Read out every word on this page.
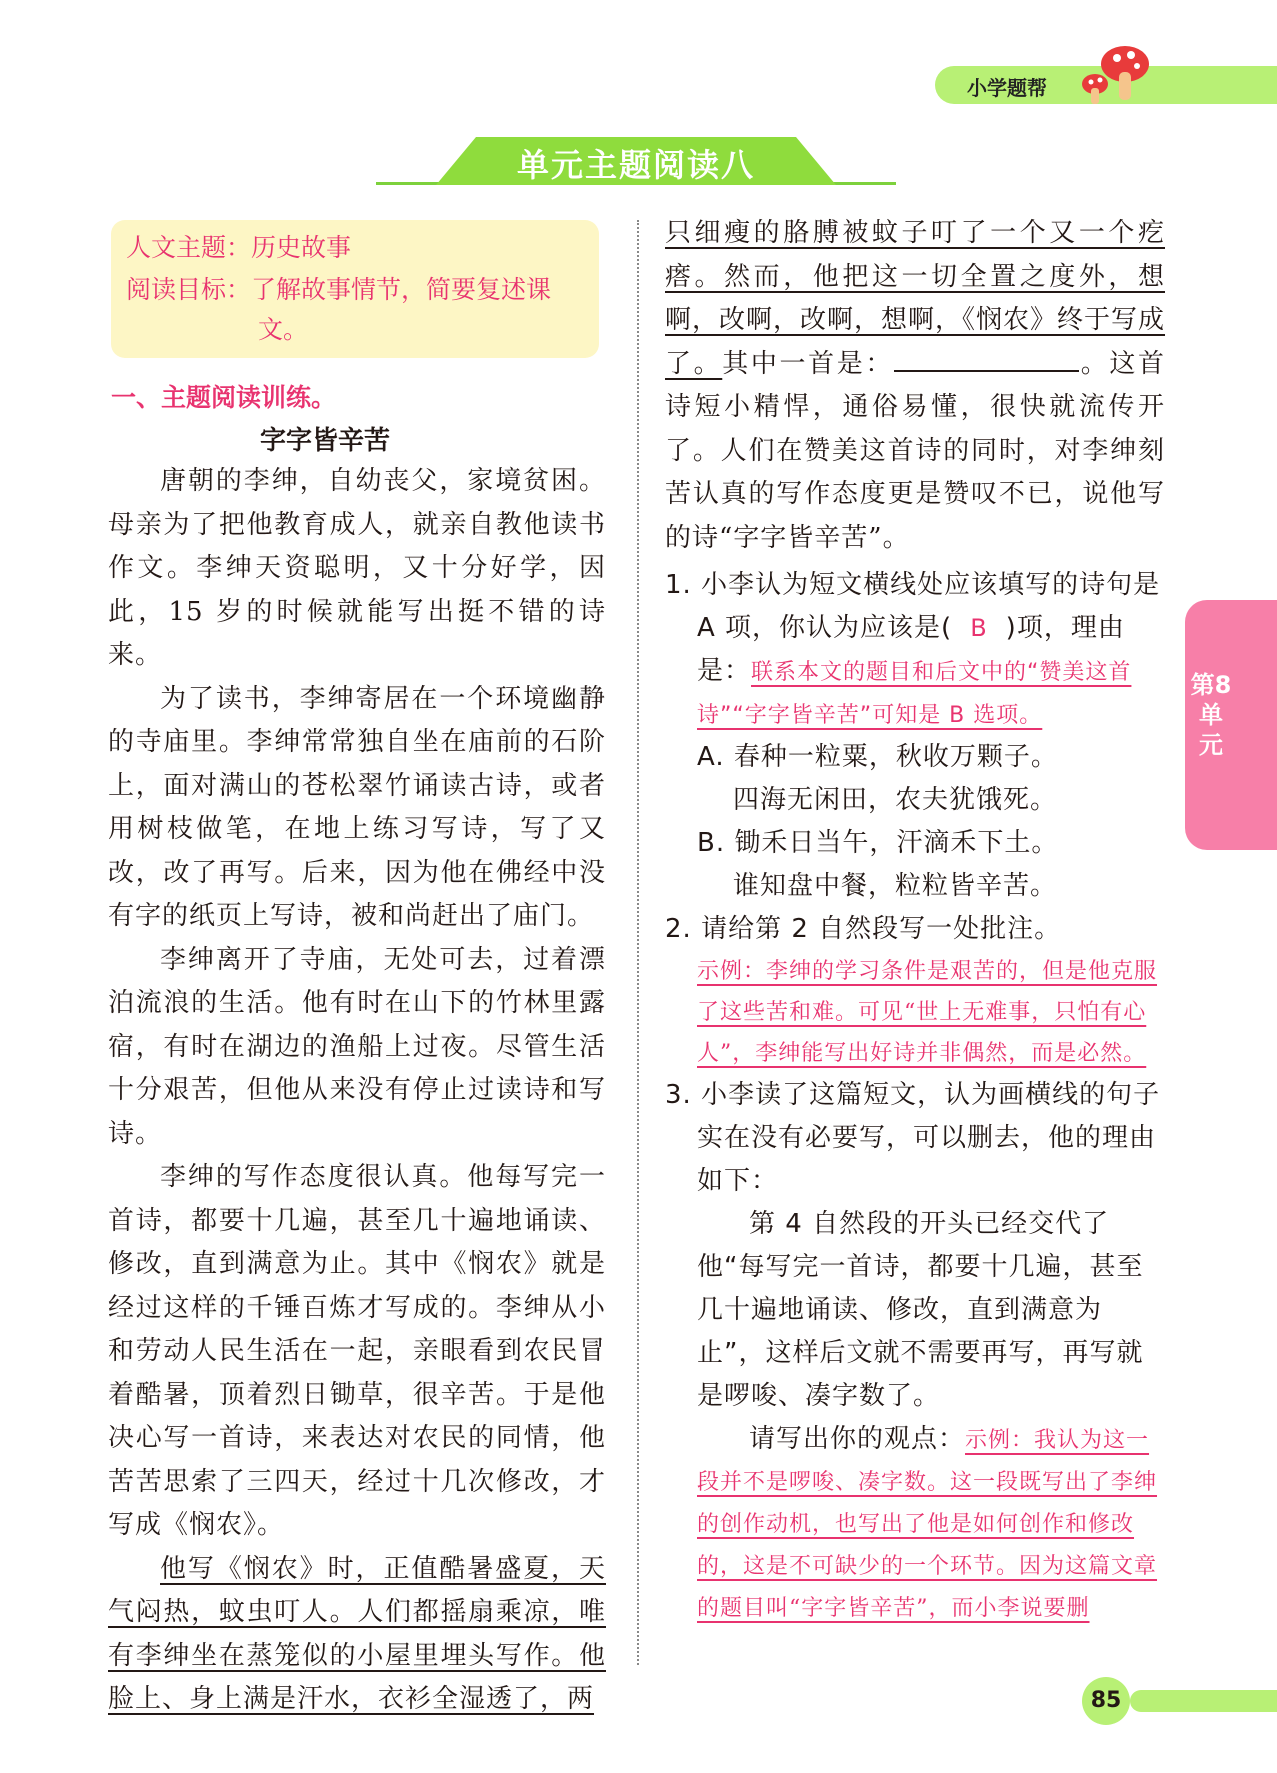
小学题帮
单元主题阅读八
人文主题：历史故事
阅读目标：了解故事情节，简要复述课
文。
一、主题阅读训练。
字字皆辛苦

唐朝的李绅，自幼丧父，家境贫困。母亲为了把他教育成人，就亲自教他读书作文。李绅天资聪明，又十分好学，因此，15 岁的时候就能写出挺不错的诗来。

为了读书，李绅寄居在一个环境幽静的寺庙里。李绅常常独自坐在庙前的石阶上，面对满山的苍松翠竹诵读古诗，或者用树枝做笔，在地上练习写诗，写了又改，改了再写。后来，因为他在佛经中没有字的纸页上写诗，被和尚赶出了庙门。

李绅离开了寺庙，无处可去，过着漂泊流浪的生活。他有时在山下的竹林里露宿，有时在湖边的渔船上过夜。尽管生活十分艰苦，但他从来没有停止过读诗和写诗。

李绅的写作态度很认真。他每写完一首诗，都要十几遍，甚至几十遍地诵读、修改，直到满意为止。其中《悯农》就是经过这样的千锤百炼才写成的。李绅从小和劳动人民生活在一起，亲眼看到农民冒着酷暑，顶着烈日锄草，很辛苦。于是他决心写一首诗，来表达对农民的同情，他苦苦思索了三四天，经过十几次修改，才写成《悯农》。

他写《悯农》时，正值酷暑盛夏，天气闷热，蚊虫叮人。人们都摇扇乘凉，唯有李绅坐在蒸笼似的小屋里埋头写作。他脸上、身上满是汗水，衣衫全湿透了，两

只细瘦的胳膊被蚊子叮了一个又一个疙瘩。然而，他把这一切全置之度外，想啊，改啊，改啊，想啊，《悯农》终于写成了。其中一首是：	。这首诗短小精悍，通俗易懂，很快就流传开了。人们在赞美这首诗的同时，对李绅刻苦认真的写作态度更是赞叹不已，说他写的诗“字字皆辛苦”。

1. 小李认为短文横线处应该填写的诗句是 A 项，你认为应该是( B )项，理由是：联系本文的题目和后文中的“赞美这首诗”“字字皆辛苦”可知是 B 选项。
A. 春种一粒粟，秋收万颗子。
四海无闲田，农夫犹饿死。
B. 锄禾日当午，汗滴禾下土。
谁知盘中餐，粒粒皆辛苦。
2. 请给第 2 自然段写一处批注。
示例：李绅的学习条件是艰苦的，但是他克服了这些苦和难。可见“世上无难事，只怕有心人”，李绅能写出好诗并非偶然，而是必然。
3. 小李读了这篇短文，认为画横线的句子实在没有必要写，可以删去，他的理由如下：
第 4 自然段的开头已经交代了他“每写完一首诗，都要十几遍，甚至几十遍地诵读、修改，直到满意为止”，这样后文就不需要再写，再写就是啰唆、凑字数了。
请写出你的观点：示例：我认为这一段并不是啰唆、凑字数。这一段既写出了李绅的创作动机，也写出了他是如何创作和修改的，这是不可缺少的一个环节。因为这篇文章的题目叫“字字皆辛苦”，而小李说要删
第8单元
85
